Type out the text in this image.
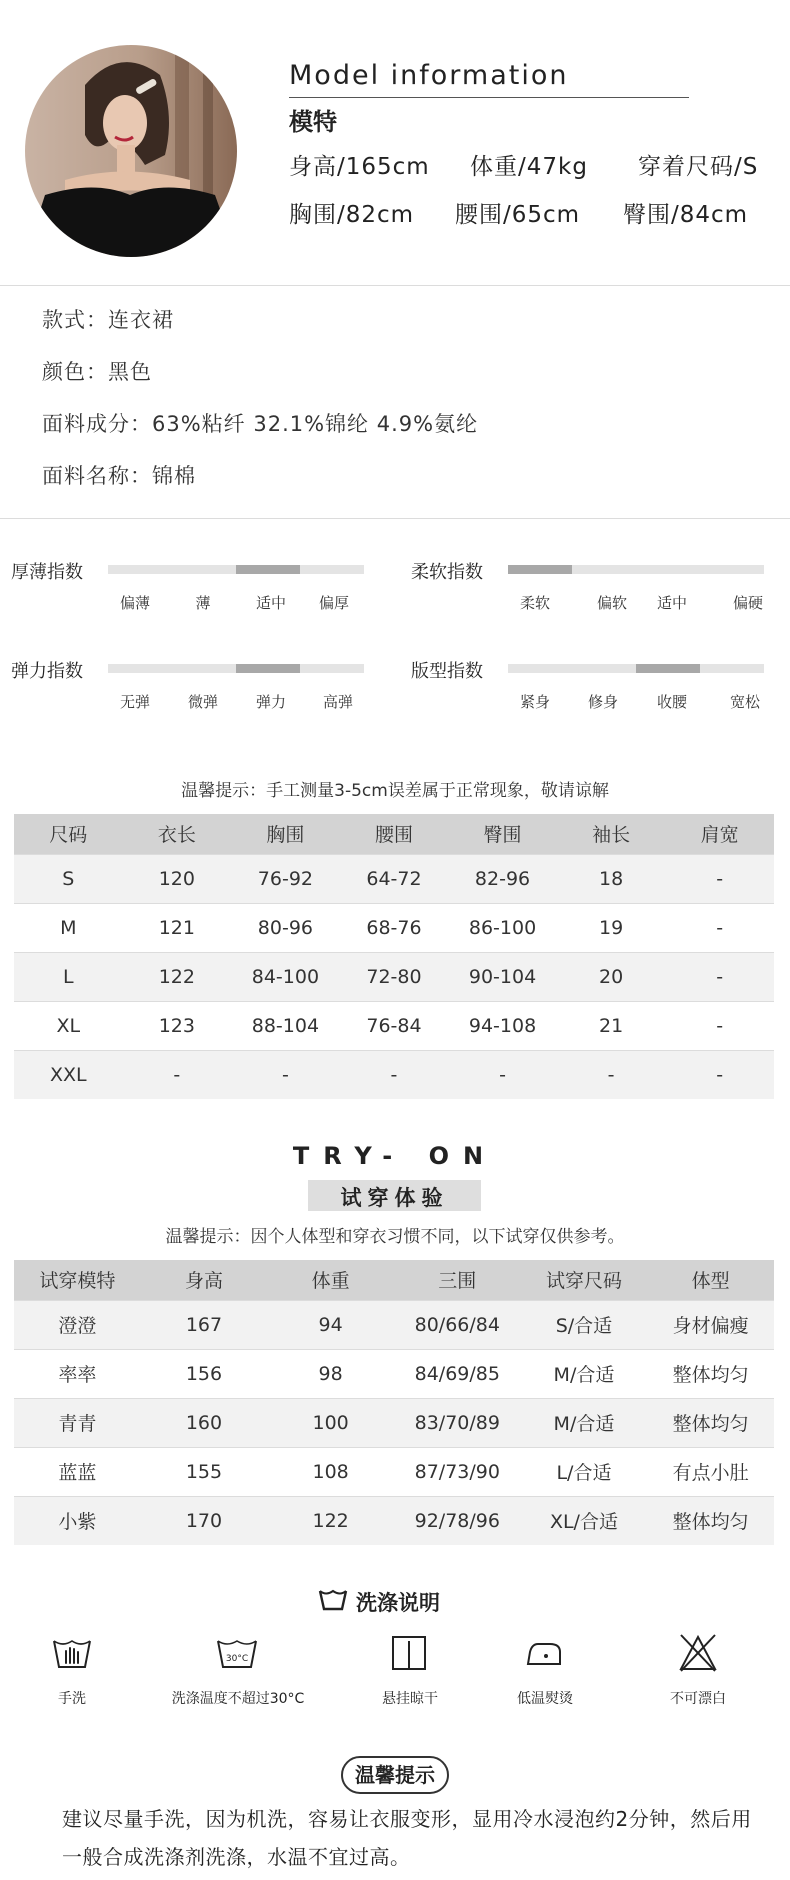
Model information
模特
身高/165cm 体重/47kg 穿着尺码/S
胸围/82cm 腰围/65cm 臀围/84cm
款式：连衣裙
颜色：黑色
面料成分：63%粘纤 32.1%锦纶 4.9%氨纶
面料名称：锦棉
厚薄指数
偏薄	薄	适中 偏厚
柔软指数
柔软	偏软 适中	偏硬
弹力指数
无弹	微弹	弹力 高弹
版型指数
紧身	修身	收腰	宽松
温馨提示：手工测量3-5cm误差属于正常现象，敬请谅解
尺码	衣长	胸围	腰围	臀围	袖长	肩宽
S	120	76-92	64-72	82-96	18	-
M	121	80-96	68-76	86-100	19	-
L	122	84-100	72-80	90-104	20	-
XL	123	88-104	76-84	94-108	21	-
XXL	-	-	-	-	-	-
TRY- ON
试穿体验
温馨提示：因个人体型和穿衣习惯不同，以下试穿仅供参考。
试穿模特	身高	体重	三围	试穿尺码	体型
澄澄	167	94	80/66/84	S/合适	身材偏瘦
率率	156	98	84/69/85	M/合适	整体均匀
青青	160	100	83/70/89	M/合适	整体均匀
蓝蓝	155	108	87/73/90	L/合适	有点小肚
小紫	170	122	92/78/96	XL/合适	整体均匀
洗涤说明
手洗
30°C
洗涤温度不超过30°C	悬挂晾干	低温熨烫	不可漂白
温馨提示
建议尽量手洗，因为机洗，容易让衣服变形，显用冷水浸泡约2分钟，然后用一般合成洗涤剂洗涤，水温不宜过高。
